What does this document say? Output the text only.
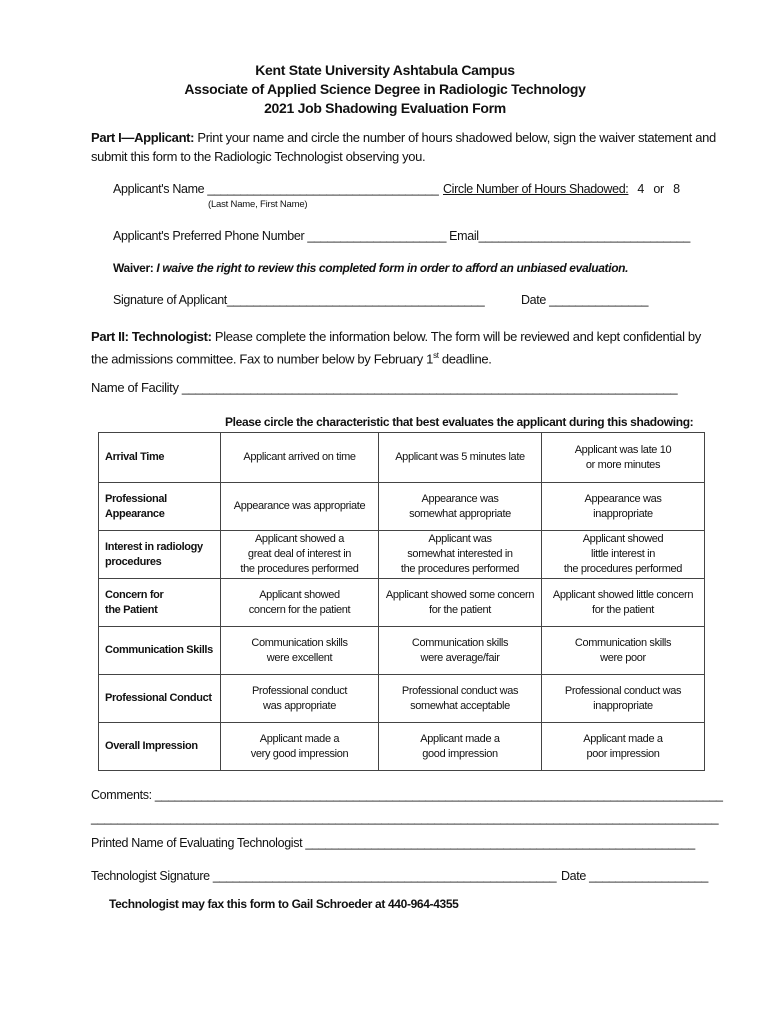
Kent State University Ashtabula Campus
Associate of Applied Science Degree in Radiologic Technology
2021 Job Shadowing Evaluation Form
Part I—Applicant: Print your name and circle the number of hours shadowed below, sign the waiver statement and submit this form to the Radiologic Technologist observing you.
Applicant's Name ___________________________________
(Last Name, First Name)
Circle Number of Hours Shadowed: 4   or   8
Applicant's Preferred Phone Number _____________________ Email________________________________
Waiver: I waive the right to review this completed form in order to afford an unbiased evaluation.
Signature of Applicant_______________________________________	Date _______________
Part II: Technologist: Please complete the information below. The form will be reviewed and kept confidential by the admissions committee. Fax to number below by February 1st deadline.
Name of Facility ________________________________________________________________________
Please circle the characteristic that best evaluates the applicant during this shadowing:
Arrival Time	Applicant arrived on time	Applicant was 5 minutes late	Applicant was late 10
or more minutes
Professional
Appearance	Appearance was appropriate	Appearance was
somewhat appropriate	Appearance was
inappropriate
Interest in radiology
procedures	Applicant showed a
great deal of interest in
the procedures performed	Applicant was
somewhat interested in
the procedures performed	Applicant showed
little interest in
the procedures performed
Concern for
the Patient	Applicant showed
concern for the patient	Applicant showed some concern
for the patient	Applicant showed little concern
for the patient
Communication Skills	Communication skills
were excellent	Communication skills
were average/fair	Communication skills
were poor
Professional Conduct	Professional conduct
was appropriate	Professional conduct was
somewhat acceptable	Professional conduct was
inappropriate
Overall Impression	Applicant made a
very good impression	Applicant made a
good impression	Applicant made a
poor impression
Comments: ______________________________________________________________________________________
_______________________________________________________________________________________________
Printed Name of Evaluating Technologist ___________________________________________________________
Technologist Signature ____________________________________________________ Date __________________
Technologist may fax this form to Gail Schroeder at 440-964-4355
